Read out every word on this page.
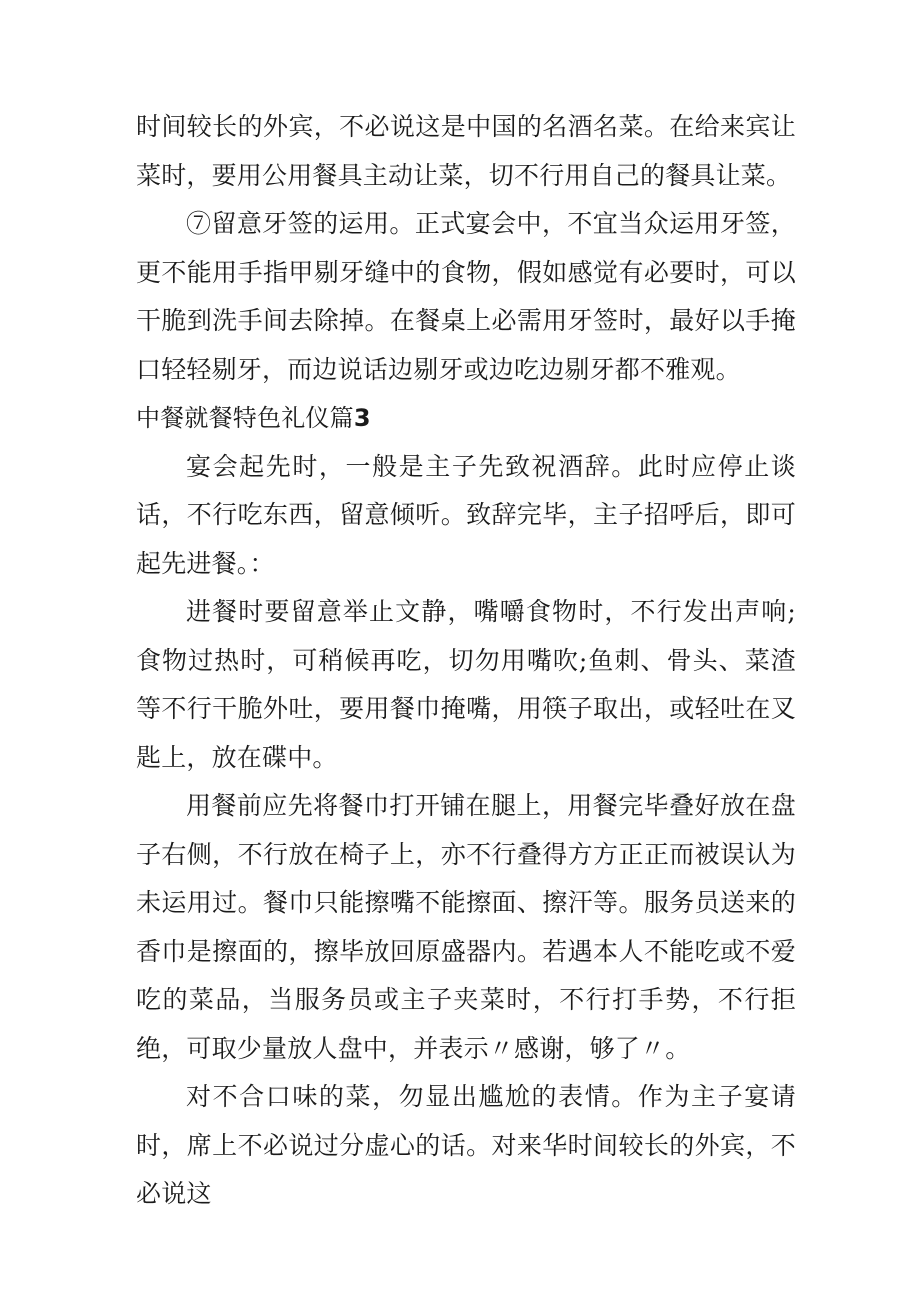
时间较长的外宾，不必说这是中国的名酒名菜。在给来宾让菜时，要用公用餐具主动让菜，切不行用自己的餐具让菜。

⑦留意牙签的运用。正式宴会中，不宜当众运用牙签，更不能用手指甲剔牙缝中的食物，假如感觉有必要时，可以干脆到洗手间去除掉。在餐桌上必需用牙签时，最好以手掩口轻轻剔牙，而边说话边剔牙或边吃边剔牙都不雅观。

中餐就餐特色礼仪篇3

宴会起先时，一般是主子先致祝酒辞。此时应停止谈话，不行吃东西，留意倾听。致辞完毕，主子招呼后，即可起先进餐。：

进餐时要留意举止文静，嘴嚼食物时，不行发出声响;食物过热时，可稍候再吃，切勿用嘴吹;鱼刺、骨头、菜渣等不行干脆外吐，要用餐巾掩嘴，用筷子取出，或轻吐在叉匙上，放在碟中。

用餐前应先将餐巾打开铺在腿上，用餐完毕叠好放在盘子右侧，不行放在椅子上，亦不行叠得方方正正而被误认为未运用过。餐巾只能擦嘴不能擦面、擦汗等。服务员送来的香巾是擦面的，擦毕放回原盛器内。若遇本人不能吃或不爱吃的菜品，当服务员或主子夹菜时，不行打手势，不行拒绝，可取少量放人盘中，并表示〃感谢，够了〃。

对不合口味的菜，勿显出尴尬的表情。作为主子宴请时，席上不必说过分虚心的话。对来华时间较长的外宾，不必说这
